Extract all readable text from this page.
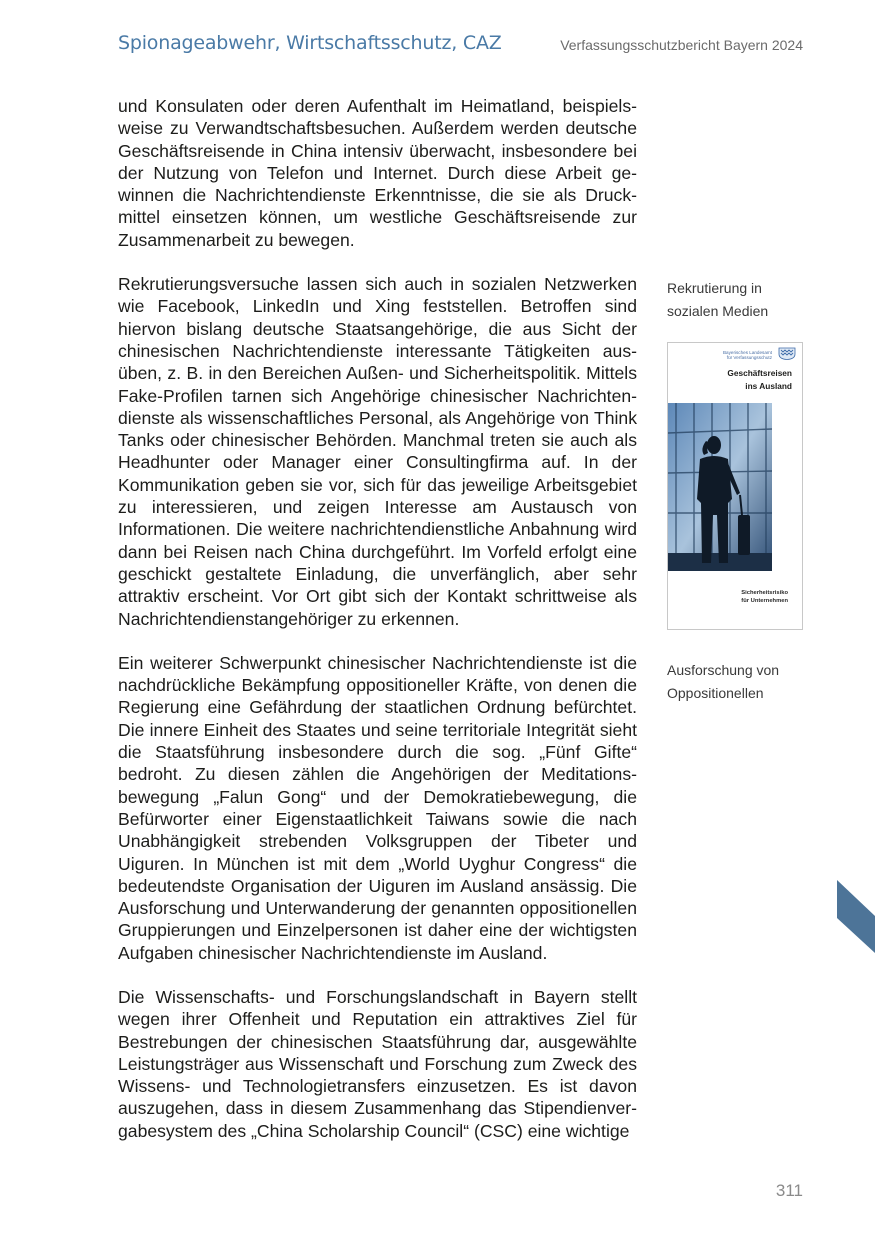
Spionageabwehr, Wirtschaftsschutz, CAZ	Verfassungsschutzbericht Bayern 2024

und Konsulaten oder deren Aufenthalt im Heimatland, beispielsweise zu Verwandtschaftsbesuchen. Außerdem werden deutsche Geschäftsreisende in China intensiv überwacht, insbesondere bei der Nutzung von Telefon und Internet. Durch diese Arbeit gewinnen die Nachrichtendienste Erkenntnisse, die sie als Druckmittel einsetzen können, um westliche Geschäftsreisende zur Zusammenarbeit zu bewegen.

Rekrutierungsversuche lassen sich auch in sozialen Netzwerken wie Facebook, LinkedIn und Xing feststellen. Betroffen sind hiervon bislang deutsche Staatsangehörige, die aus Sicht der chinesischen Nachrichtendienste interessante Tätigkeiten ausüben, z. B. in den Bereichen Außen- und Sicherheitspolitik. Mittels Fake-Profilen tarnen sich Angehörige chinesischer Nachrichtendienste als wissenschaftliches Personal, als Angehörige von Think Tanks oder chinesischer Behörden. Manchmal treten sie auch als Headhunter oder Manager einer Consultingfirma auf. In der Kommunikation geben sie vor, sich für das jeweilige Arbeitsgebiet zu interessieren, und zeigen Interesse am Austausch von Informationen. Die weitere nachrichtendienstliche Anbahnung wird dann bei Reisen nach China durchgeführt. Im Vorfeld erfolgt eine geschickt gestaltete Einladung, die unverfänglich, aber sehr attraktiv erscheint. Vor Ort gibt sich der Kontakt schrittweise als Nachrichtendienstangehöriger zu erkennen.

Ein weiterer Schwerpunkt chinesischer Nachrichtendienste ist die nachdrückliche Bekämpfung oppositioneller Kräfte, von denen die Regierung eine Gefährdung der staatlichen Ordnung befürchtet. Die innere Einheit des Staates und seine territoriale Integrität sieht die Staatsführung insbesondere durch die sog. „Fünf Gifte“ bedroht. Zu diesen zählen die Angehörigen der Meditationsbewegung „Falun Gong“ und der Demokratiebewegung, die Befürworter einer Eigenstaatlichkeit Taiwans sowie die nach Unabhängigkeit strebenden Volksgruppen der Tibeter und Uiguren. In München ist mit dem „World Uyghur Congress“ die bedeutendste Organisation der Uiguren im Ausland ansässig. Die Ausforschung und Unterwanderung der genannten oppositionellen Gruppierungen und Einzelpersonen ist daher eine der wichtigsten Aufgaben chinesischer Nachrichtendienste im Ausland.

Die Wissenschafts- und Forschungslandschaft in Bayern stellt wegen ihrer Offenheit und Reputation ein attraktives Ziel für Bestrebungen der chinesischen Staatsführung dar, ausgewählte Leistungsträger aus Wissenschaft und Forschung zum Zweck des Wissens- und Technologietransfers einzusetzen. Es ist davon auszugehen, dass in diesem Zusammenhang das Stipendienvergabesystem des „China Scholarship Council“ (CSC) eine wichtige

Rekrutierung in
sozialen Medien
Bayerisches Landesamt
für Verfassungsschutz
Geschäftsreisen
ins Ausland
Sicherheitsrisiko
für Unternehmen
Ausforschung von
Oppositionellen
311
